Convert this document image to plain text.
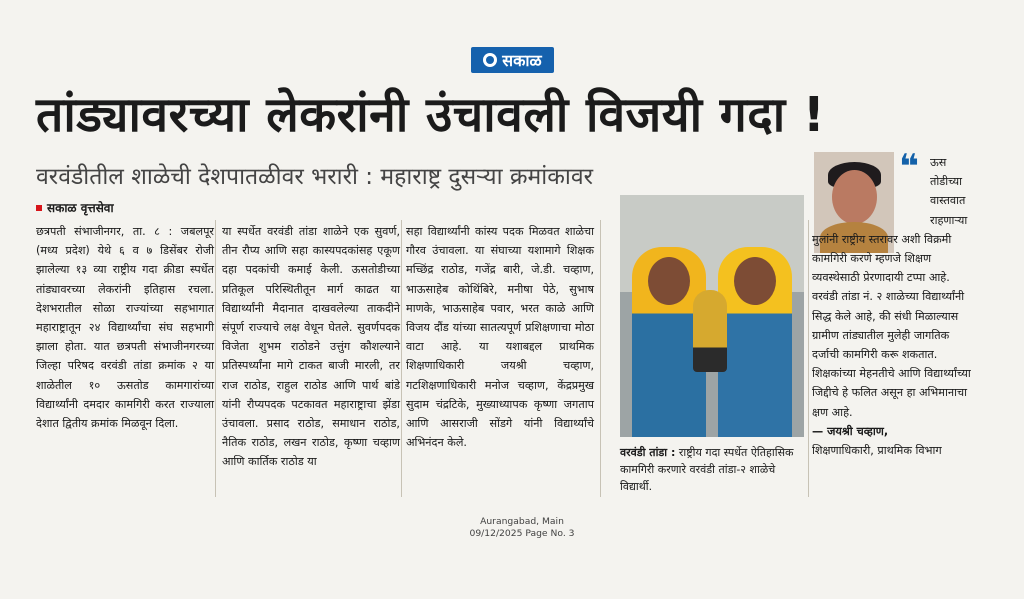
सकाळ
तांड्यावरच्या लेकरांनी उंचावली विजयी गदा !
वरवंडीतील शाळेची देशपातळीवर भरारी : महाराष्ट्र दुसऱ्या क्रमांकावर
सकाळ वृत्तसेवा

छत्रपती संभाजीनगर, ता. ८ : जबलपूर (मध्य प्रदेश) येथे ६ व ७ डिसेंबर रोजी झालेल्या १३ व्या राष्ट्रीय गदा क्रीडा स्पर्धेत तांड्यावरच्या लेकरांनी इतिहास रचला. देशभरातील सोळा राज्यांच्या सहभागात महाराष्ट्रातून २४ विद्यार्थ्यांचा संघ सहभागी झाला होता. यात छत्रपती संभाजीनगरच्या जिल्हा परिषद वरवंडी तांडा क्रमांक २ या शाळेतील १० ऊसतोड कामगारांच्या विद्यार्थ्यांनी दमदार कामगिरी करत राज्याला देशात द्वितीय क्रमांक मिळवून दिला.

या स्पर्धेत वरवंडी तांडा शाळेने एक सुवर्ण, तीन रौप्य आणि सहा कास्यपदकांसह एकूण दहा पदकांची कमाई केली. ऊसतोडीच्या प्रतिकूल परिस्थितीतून मार्ग काढत या विद्यार्थ्यांनी मैदानात दाखवलेल्या ताकदीने संपूर्ण राज्याचे लक्ष वेधून घेतले. सुवर्णपदक विजेता शुभम राठोडने उत्तुंग कौशल्याने प्रतिस्पर्ध्यांना मागे टाकत बाजी मारली, तर राज राठोड, राहुल राठोड आणि पार्थ बांडे यांनी रौप्यपदक पटकावत महाराष्ट्राचा झेंडा उंचावला. प्रसाद राठोड, समाधान राठोड, नैतिक राठोड, लखन राठोड, कृष्णा चव्हाण आणि कार्तिक राठोड या

सहा विद्यार्थ्यांनी कांस्य पदक मिळवत शाळेचा गौरव उंचावला. या संघाच्या यशामागे शिक्षक मच्छिंद्र राठोड, गजेंद्र बारी, जे.डी. चव्हाण, भाऊसाहेब कोथिंबिरे, मनीषा पेठे, सुभाष माणके, भाऊसाहेब पवार, भरत काळे आणि विजय दौंड यांच्या सातत्यपूर्ण प्रशिक्षणाचा मोठा वाटा आहे. या यशाबद्दल प्राथमिक शिक्षणाधिकारी जयश्री चव्हाण, गटशिक्षणाधिकारी मनोज चव्हाण, केंद्रप्रमुख सुदाम चंद्रटिके, मुख्याध्यापक कृष्णा जगताप आणि आसराजी सोंडगे यांनी विद्यार्थ्यांचे अभिनंदन केले.

वरवंडी तांडा : राष्ट्रीय गदा स्पर्धेत ऐतिहासिक कामगिरी करणारे वरवंडी तांडा-२ शाळेचे विद्यार्थी.
❝ ऊस तोडीच्या वास्तवात राहणाऱ्या

मुलांनी राष्ट्रीय स्तरावर अशी विक्रमी कामगिरी करणे म्हणजे शिक्षण व्यवस्थेसाठी प्रेरणादायी टप्पा आहे. वरवंडी तांडा नं. २ शाळेच्या विद्यार्थ्यांनी सिद्ध केले आहे, की संधी मिळाल्यास ग्रामीण तांड्यातील मुलेही जागतिक दर्जाची कामगिरी करू शकतात. शिक्षकांच्या मेहनतीचे आणि विद्यार्थ्यांच्या जिद्दीचे हे फलित असून हा अभिमानाचा क्षण आहे.

— जयश्री चव्हाण,

शिक्षणाधिकारी, प्राथमिक विभाग

Aurangabad, Main
09/12/2025 Page No. 3
